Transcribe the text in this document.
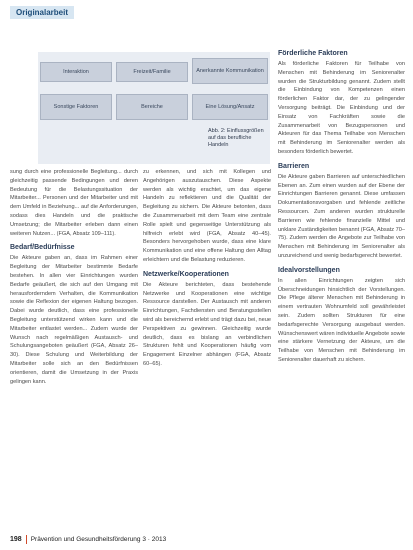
Originalarbeit
Interaktion	Freizeit/Familie	Anerkannte Kommunikation
Sonstige Faktoren	Bereiche	Eine Lösung/Ansatz
Abb. 2: Einflussgrößen auf das berufliche Handeln

sung durch eine professionelle Begleitung... durch gleichzeitig passende Bedingungen und deren Bedeutung für die Belastungssituation der Mitarbeiter... Personen und der Mitarbeiter und mit dem Umfeld in Beziehung... auf die Anforderungen, sodass dies Handeln und die praktische Umsetzung; die Mitarbeiter erleben dann einen weiteren Nutzen... (FGA, Absatz 109–111).

Bedarf/Bedürfnisse

Die Akteure gaben an, dass im Rahmen einer Begleitung der Mitarbeiter bestimmte Bedarfe bestehen. In allen vier Einrichtungen wurden Bedarfe geäußert, die sich auf den Umgang mit herausforderndem Verhalten, die Kommunikation sowie die Reflexion der eigenen Haltung bezogen. Dabei wurde deutlich, dass eine professionelle Begleitung unterstützend wirken kann und die Mitarbeiter entlastet werden... Zudem wurde der Wunsch nach regelmäßigen Austausch- und Schulungsangeboten geäußert (FGA, Absatz 26–30). Diese Schulung und Weiterbildung der Mitarbeiter solle sich an den Bedürfnissen orientieren, damit die Umsetzung in der Praxis gelingen kann.

zu erkennen, und sich mit Kollegen und Angehörigen auszutauschen. Diese Aspekte werden als wichtig erachtet, um das eigene Handeln zu reflektieren und die Qualität der Begleitung zu sichern. Die Akteure betonten, dass die Zusammenarbeit mit dem Team eine zentrale Rolle spielt und gegenseitige Unterstützung als hilfreich erlebt wird (FGA, Absatz 40–45). Besonders hervorgehoben wurde, dass eine klare Kommunikation und eine offene Haltung den Alltag erleichtern und die Belastung reduzieren.

Netzwerke/Kooperationen

Die Akteure berichteten, dass bestehende Netzwerke und Kooperationen eine wichtige Ressource darstellen. Der Austausch mit anderen Einrichtungen, Fachdiensten und Beratungsstellen wird als bereichernd erlebt und trägt dazu bei, neue Perspektiven zu gewinnen. Gleichzeitig wurde deutlich, dass es bislang an verbindlichen Strukturen fehlt und Kooperationen häufig vom Engagement Einzelner abhängen (FGA, Absatz 60–65).

Förderliche Faktoren

Als förderliche Faktoren für Teilhabe von Menschen mit Behinderung im Seniorenalter wurden die Strukturbildung genannt. Zudem stellt die Einbindung von Kompetenzen einen förderlichen Faktor dar, der zu gelingender Versorgung beiträgt. Die Einbindung und der Einsatz von Fachkräften sowie die Zusammenarbeit von Bezugspersonen und Akteuren für das Thema Teilhabe von Menschen mit Behinderung im Seniorenalter werden als besonders förderlich bewertet.

Barrieren

Die Akteure gaben Barrieren auf unterschiedlichen Ebenen an. Zum einen wurden auf der Ebene der Einrichtungen Barrieren genannt. Diese umfassen Dokumentationsvorgaben und fehlende zeitliche Ressourcen. Zum anderen wurden strukturelle Barrieren wie fehlende finanzielle Mittel und unklare Zuständigkeiten benannt (FGA, Absatz 70–75). Zudem werden die Angebote zur Teilhabe von Menschen mit Behinderung im Seniorenalter als unzureichend und wenig bedarfsgerecht bewertet.

Idealvorstellungen

In allen Einrichtungen zeigten sich Überschneidungen hinsichtlich der Vorstellungen. Die Pflege älterer Menschen mit Behinderung in einem vertrauten Wohnumfeld soll gewährleistet sein. Zudem sollten Strukturen für eine bedarfsgerechte Versorgung ausgebaut werden. Wünschenswert wären individuelle Angebote sowie eine stärkere Vernetzung der Akteure, um die Teilhabe von Menschen mit Behinderung im Seniorenalter dauerhaft zu sichern.

198 Prävention und Gesundheitsförderung 3 · 2013
